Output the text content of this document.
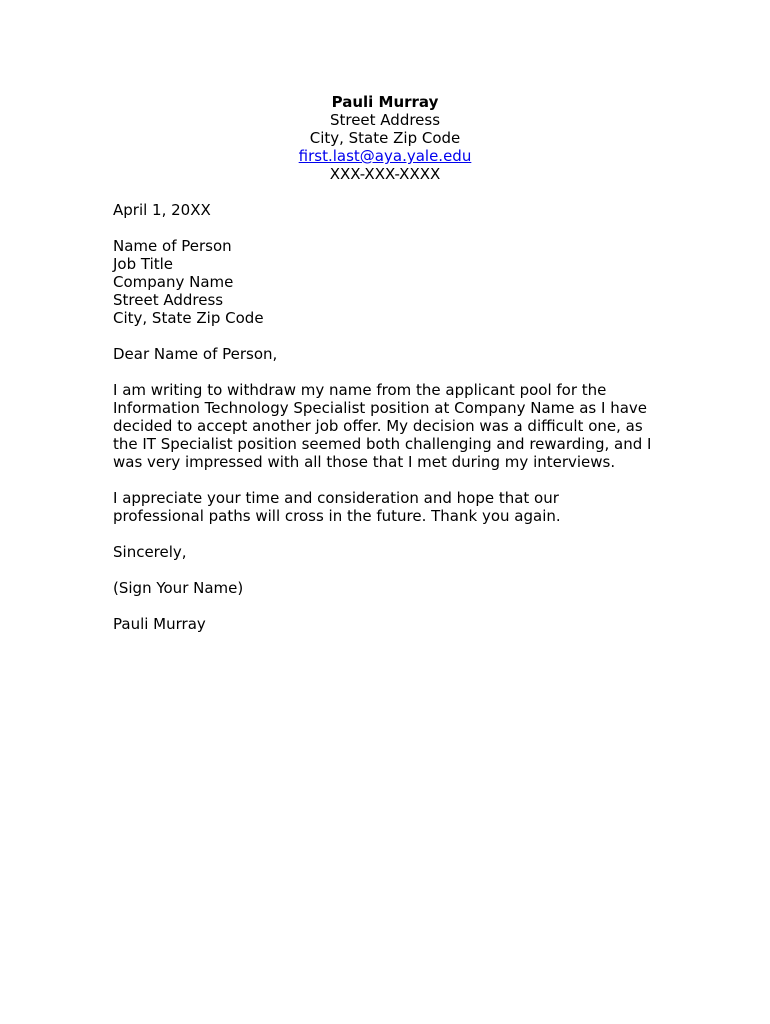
Pauli Murray
Street Address
City, State Zip Code
first.last@aya.yale.edu
XXX-XXX-XXXX
April 1, 20XX
Name of Person
Job Title
Company Name
Street Address
City, State Zip Code
Dear Name of Person,
I am writing to withdraw my name from the applicant pool for the
Information Technology Specialist position at Company Name as I have
decided to accept another job offer. My decision was a difficult one, as
the IT Specialist position seemed both challenging and rewarding, and I
was very impressed with all those that I met during my interviews.
I appreciate your time and consideration and hope that our
professional paths will cross in the future. Thank you again.
Sincerely,
(Sign Your Name)
Pauli Murray
